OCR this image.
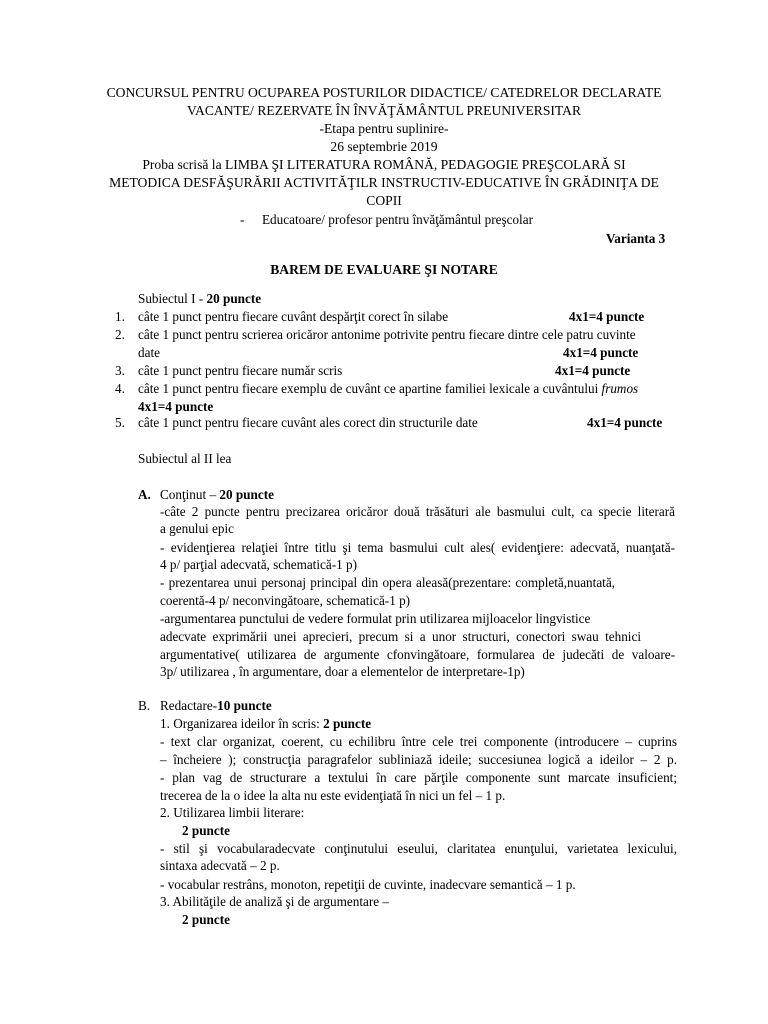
CONCURSUL PENTRU OCUPAREA POSTURILOR DIDACTICE/ CATEDRELOR DECLARATE
VACANTE/ REZERVATE ÎN ÎNVĂŢĂMÂNTUL PREUNIVERSITAR
-Etapa pentru suplinire-
26 septembrie 2019
Proba scrisă la LIMBA ŞI LITERATURA ROMÂNĂ, PEDAGOGIE PREŞCOLARĂ SI
METODICA DESFĂŞURĂRII ACTIVITĂŢILR INSTRUCTIV-EDUCATIVE ÎN GRĂDINIŢA DE
COPII
- Educatoare/ profesor pentru învăţământul preşcolar
Varianta 3
BAREM DE EVALUARE ŞI NOTARE
Subiectul I - 20 puncte
1. câte 1 punct pentru fiecare cuvânt despărţit corect în silabe	4x1=4 puncte
2. câte 1 punct pentru scrierea oricăror antonime potrivite pentru fiecare dintre cele patru cuvinte
date	4x1=4 puncte
3. câte 1 punct pentru fiecare număr scris	4x1=4 puncte
4. câte 1 punct pentru fiecare exemplu de cuvânt ce apartine familiei lexicale a cuvântului frumos
4x1=4 puncte
5. câte 1 punct pentru fiecare cuvânt ales corect din structurile date	4x1=4 puncte
Subiectul al II lea
A. Conţinut – 20 puncte
-câte 2 puncte pentru precizarea oricăror două trăsături ale basmului cult, ca specie literară
a genului epic
- evidenţierea relaţiei între titlu şi tema basmului cult ales( evidenţiere: adecvată, nuanţată-
4 p/ parţial adecvată, schematică-1 p)
- prezentarea unui personaj principal din opera aleasă(prezentare: completă,nuantată,
coerentă-4 p/ neconvingătoare, schematică-1 p)
-argumentarea punctului de vedere formulat prin utilizarea mijloacelor lingvistice
adecvate exprimării unei aprecieri, precum si a unor structuri, conectori swau tehnici
argumentative( utilizarea de argumente cfonvingătoare, formularea de judecăti de valoare-
3p/ utilizarea , în argumentare, doar a elementelor de interpretare-1p)
B. Redactare-10 puncte
1. Organizarea ideilor în scris: 2 puncte
- text clar organizat, coerent, cu echilibru între cele trei componente (introducere – cuprins
– încheiere ); construcţia paragrafelor subliniază ideile; succesiunea logică a ideilor – 2 p.
- plan vag de structurare a textului în care părţile componente sunt marcate insuficient;
trecerea de la o idee la alta nu este evidenţiată în nici un fel – 1 p.
2. Utilizarea limbii literare:
2 puncte
- stil şi vocabularadecvate conţinutului eseului, claritatea enunţului, varietatea lexicului,
sintaxa adecvată – 2 p.
- vocabular restrâns, monoton, repetiţii de cuvinte, inadecvare semantică – 1 p.
3. Abilităţile de analiză şi de argumentare –
2 puncte
